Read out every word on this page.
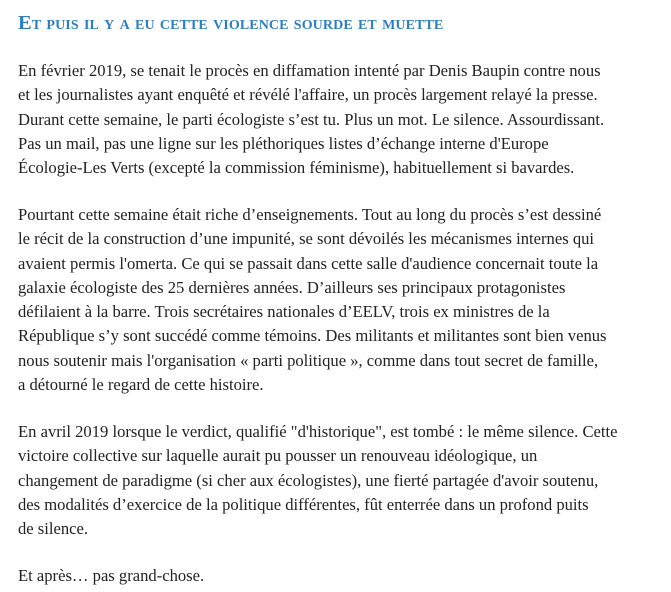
Et puis il y a eu cette violence sourde et muette

En février 2019, se tenait le procès en diffamation intenté par Denis Baupin contre nous
et les journalistes ayant enquêté et révélé l'affaire, un procès largement relayé la presse.
Durant cette semaine, le parti écologiste s’est tu. Plus un mot. Le silence. Assourdissant.
Pas un mail, pas une ligne sur les pléthoriques listes d’échange interne d'Europe
Écologie-Les Verts (excepté la commission féminisme), habituellement si bavardes.

Pourtant cette semaine était riche d’enseignements. Tout au long du procès s’est dessiné
le récit de la construction d’une impunité, se sont dévoilés les mécanismes internes qui
avaient permis l'omerta. Ce qui se passait dans cette salle d'audience concernait toute la
galaxie écologiste des 25 dernières années. D’ailleurs ses principaux protagonistes
défilaient à la barre. Trois secrétaires nationales d’EELV, trois ex ministres de la
République s’y sont succédé comme témoins. Des militants et militantes sont bien venus
nous soutenir mais l'organisation « parti politique », comme dans tout secret de famille,
a détourné le regard de cette histoire.

En avril 2019 lorsque le verdict, qualifié "d'historique", est tombé : le même silence. Cette
victoire collective sur laquelle aurait pu pousser un renouveau idéologique, un
changement de paradigme (si cher aux écologistes), une fierté partagée d'avoir soutenu,
des modalités d’exercice de la politique différentes, fût enterrée dans un profond puits
de silence.

Et après… pas grand-chose.
